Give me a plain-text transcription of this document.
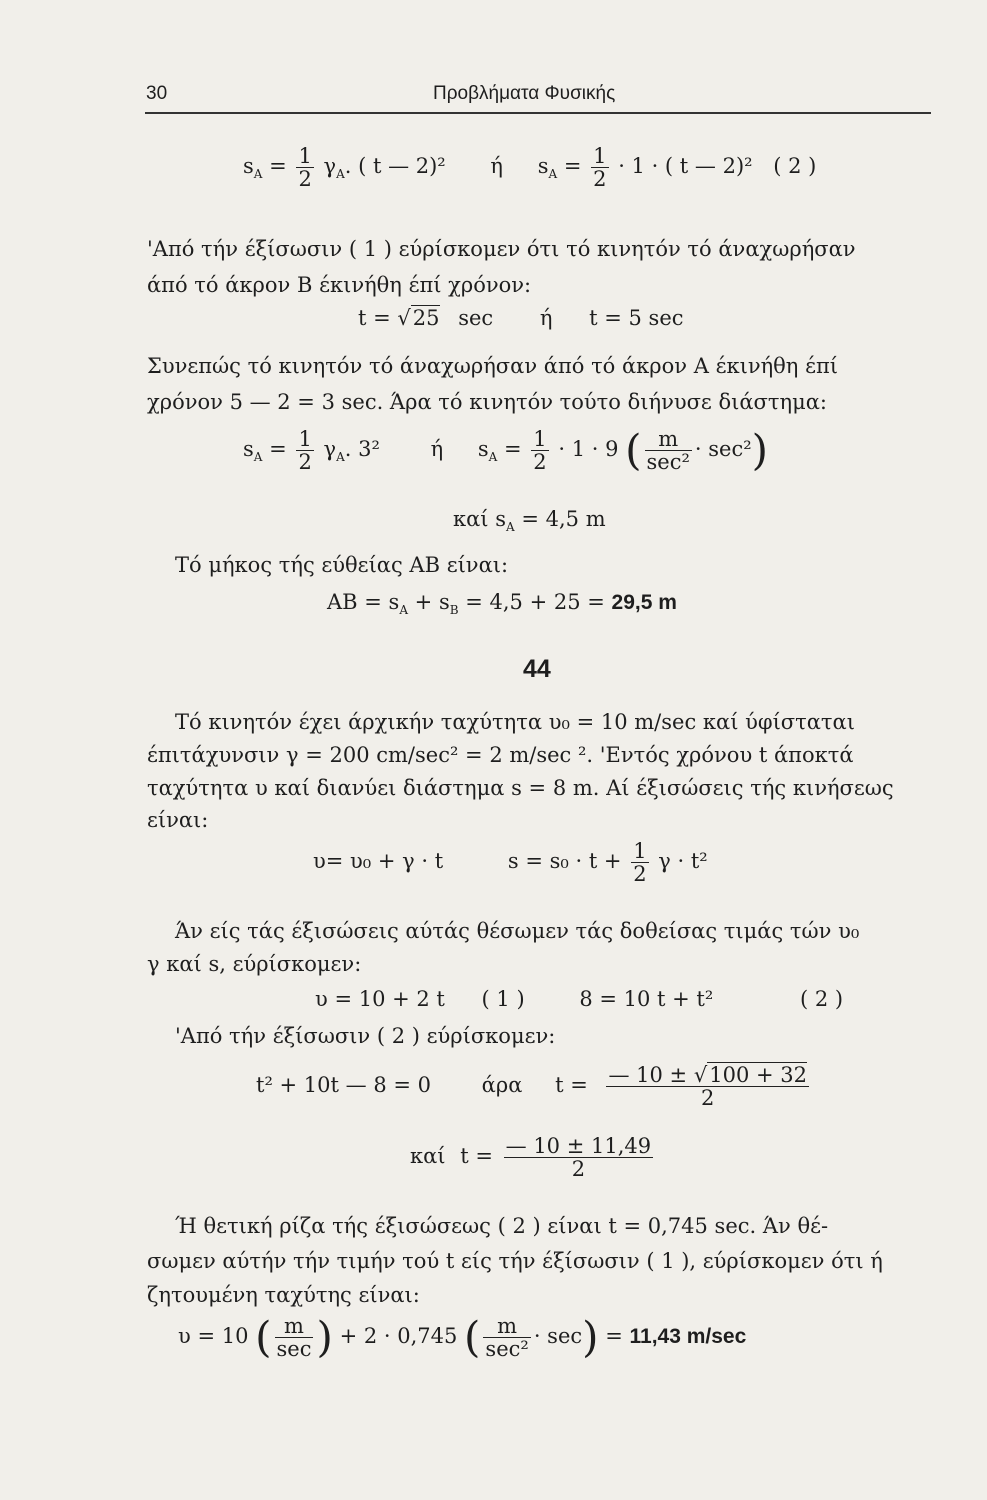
30	Προβλήματα Φυσικής
$s_A = \frac{1}{2} \gamma_A$. ( t — 2)² ή $s_A = \frac{1}{2} \cdot 1$ · ( t — 2)² ( 2 )
'Από τήν έξίσωσιν ( 1 ) εύρίσκομεν ότι τό κινητόν τό άναχωρήσαν
άπό τό άκρον Β έκινήθη έπί χρόνον:
t = √25 sec ή t = 5 sec
Συνεπώς τό κινητόν τό άναχωρήσαν άπό τό άκρον Α έκινήθη έπί
χρόνον 5 — 2 = 3 sec. Άρα τό κινητόν τούτο διήνυσε διάστημα:
$s_A = \frac{1}{2} \gamma_A$. 3² ή $s_A = \frac{1}{2} \cdot 1 \cdot 9$ ( $\frac{m}{\text{sec²}} \cdot \sec^2$)
καί $s_A = 4,5$ m
Τό μήκος τής εύθείας ΑΒ είναι:
$AB = s_A + s_B = 4,5 + 25 = 29,5$ m
44
Τό κινητόν έχει άρχικήν ταχύτητα υ₀ = 10 m/sec καί ύφίσταται
έπιτάχυνσιν γ = 200 cm/sec² = 2 m/sec ². 'Εντός χρόνου t άποκτά
ταχύτητα υ καί διανύει διάστημα s = 8 m. Αί έξισώσεις τής κινήσεως
είναι:
υ= υ₀ + γ · t	$s = s_0 \cdot t + \frac{1}{2}$ γ · t²
Άν είς τάς έξισώσεις αύτάς θέσωμεν τάς δοθείσας τιμάς τών υ₀
γ καί s, εύρίσκομεν:
υ = 10 + 2 t ( 1 )	8 = 10 t + t²	( 2 )
'Από τήν έξίσωσιν ( 2 ) εύρίσκομεν:
t² + 10t — 8 = 0 άρα $t = \frac{— 10 \pm √100 + 32}{2}$
καί $t = \frac{— 10 \pm 11,49}{2}$
Ή θετική ρίζα τής έξισώσεως ( 2 ) είναι t = 0,745 sec. Άν θέ-
σωμεν αύτήν τήν τιμήν τού t είς τήν έξίσωσιν ( 1 ), εύρίσκομεν ότι ή
ζητουμένη ταχύτης είναι:
υ = 10 ( $\frac{m}{\sec}$ ) + 2 · 0,745 ( $\frac{m}{\text{sec²}} \cdot \sec) = 11,43$ m/sec
